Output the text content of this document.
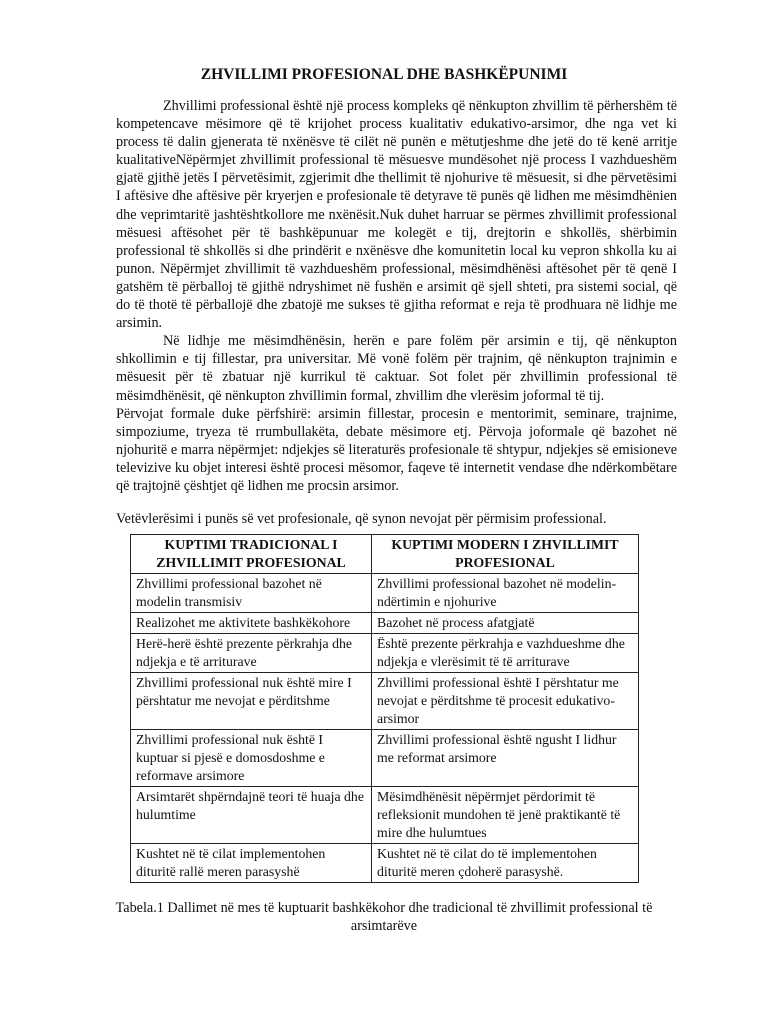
ZHVILLIMI PROFESIONAL DHE BASHKËPUNIMI

Zhvillimi professional është një process kompleks që nënkupton zhvillim të përhershëm të kompetencave mësimore që të krijohet process kualitativ edukativo-arsimor, dhe nga vet ki process të dalin gjenerata të nxënësve të cilët në punën e mëtutjeshme dhe jetë do të kenë arritje kualitativeNëpërmjet zhvillimit professional të mësuesve mundësohet një process I vazhdueshëm gjatë gjithë jetës I përvetësimit, zgjerimit dhe thellimit të njohurive të mësuesit, si dhe përvetësimi I aftësive dhe aftësive për kryerjen e profesionale të detyrave të punës që lidhen me mësimdhënien dhe veprimtaritë jashtështkollore me nxënësit.Nuk duhet harruar se përmes zhvillimit professional mësuesi aftësohet për të bashkëpunuar me kolegët e tij, drejtorin e shkollës, shërbimin professional të shkollës si dhe prindërit e nxënësve dhe komunitetin local ku vepron shkolla ku ai punon. Nëpërmjet zhvillimit të vazhdueshëm professional, mësimdhënësi aftësohet për të qenë I gatshëm të përballoj të gjithë ndryshimet në fushën e arsimit që sjell shteti, pra sistemi social, që do të thotë të përballojë dhe zbatojë me sukses të gjitha reformat e reja të prodhuara në lidhje me arsimin.

Në lidhje me mësimdhënësin, herën e pare folëm për arsimin e tij, që nënkupton shkollimin e tij fillestar, pra universitar. Më vonë folëm për trajnim, që nënkupton trajnimin e mësuesit për të zbatuar një kurrikul të caktuar. Sot folet për zhvillimin professional të mësimdhënësit, që nënkupton zhvillimin formal, zhvillim dhe vlerësim joformal të tij.

Përvojat formale duke përfshirë: arsimin fillestar, procesin e mentorimit, seminare, trajnime, simpoziume, tryeza të rrumbullakëta, debate mësimore etj. Përvoja joformale që bazohet në njohuritë e marra nëpërmjet: ndjekjes së literaturës profesionale të shtypur, ndjekjes së emisioneve televizive ku objet interesi është procesi mësomor, faqeve të internetit vendase dhe ndërkombëtare që trajtojnë çështjet që lidhen me procsin arsimor.

Vetëvlerësimi i punës së vet profesionale, që synon nevojat për përmisim professional.

KUPTIMI TRADICIONAL I ZHVILLIMIT PROFESIONAL	KUPTIMI MODERN I ZHVILLIMIT PROFESIONAL
Zhvillimi professional bazohet në modelin transmisiv	Zhvillimi professional bazohet në modelin-ndërtimin e njohurive
Realizohet me aktivitete bashkëkohore	Bazohet në process afatgjatë
Herë-herë është prezente përkrahja dhe ndjekja e të arriturave	Është prezente përkrahja e vazhdueshme dhe ndjekja e vlerësimit të të arriturave
Zhvillimi professional nuk është mire I përshtatur me nevojat e përditshme	Zhvillimi professional është I përshtatur me nevojat e përditshme të procesit edukativo-arsimor
Zhvillimi professional nuk është I kuptuar si pjesë e domosdoshme e reformave arsimore	Zhvillimi professional është ngusht I lidhur me reformat arsimore
Arsimtarët shpërndajnë teori të huaja dhe hulumtime	Mësimdhënësit nëpërmjet përdorimit të refleksionit mundohen të jenë praktikantë të mire dhe hulumtues
Kushtet në të cilat implementohen dituritë rallë meren parasyshë	Kushtet në të cilat do të implementohen dituritë meren çdoherë parasyshë.

Tabela.1 Dallimet në mes të kuptuarit bashkëkohor dhe tradicional të zhvillimit professional të arsimtarëve
